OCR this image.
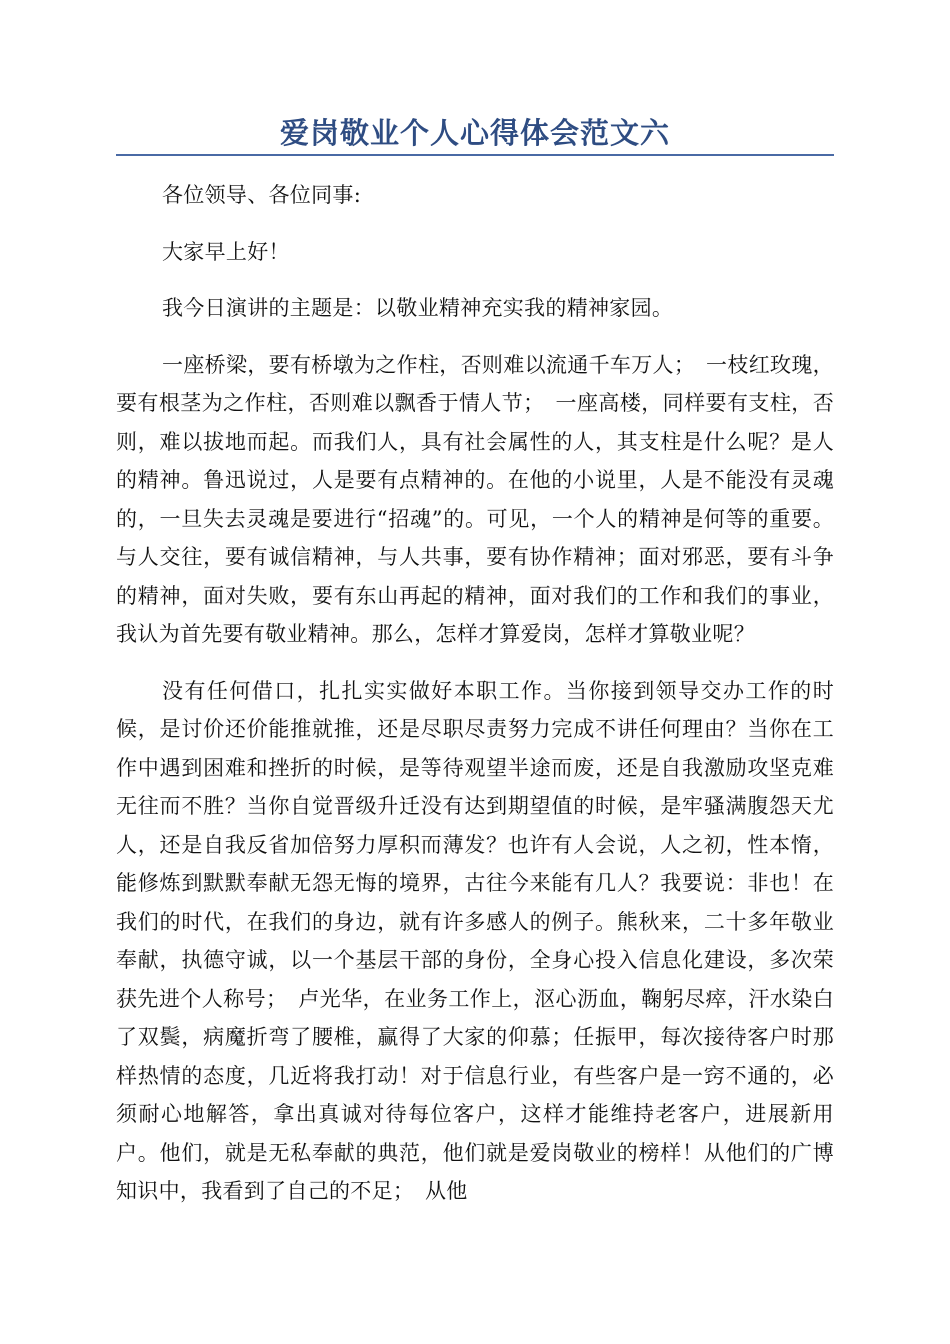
爱岗敬业个人心得体会范文六

各位领导、各位同事:

大家早上好！

我今日演讲的主题是：以敬业精神充实我的精神家园。

一座桥梁，要有桥墩为之作柱，否则难以流通千车万人；　一枝红玫瑰，要有根茎为之作柱，否则难以飘香于情人节；　一座高楼，同样要有支柱，否则，难以拔地而起。而我们人，具有社会属性的人，其支柱是什么呢？是人的精神。鲁迅说过，人是要有点精神的。在他的小说里，人是不能没有灵魂的，一旦失去灵魂是要进行“招魂”的。可见，一个人的精神是何等的重要。与人交往，要有诚信精神，与人共事，要有协作精神；面对邪恶，要有斗争的精神，面对失败，要有东山再起的精神，面对我们的工作和我们的事业，我认为首先要有敬业精神。那么，怎样才算爱岗，怎样才算敬业呢？

没有任何借口，扎扎实实做好本职工作。当你接到领导交办工作的时候，是讨价还价能推就推，还是尽职尽责努力完成不讲任何理由？当你在工作中遇到困难和挫折的时候，是等待观望半途而废，还是自我激励攻坚克难无往而不胜？当你自觉晋级升迁没有达到期望值的时候，是牢骚满腹怨天尤人，还是自我反省加倍努力厚积而薄发？也许有人会说，人之初，性本惰，能修炼到默默奉献无怨无悔的境界，古往今来能有几人？我要说：非也！在我们的时代，在我们的身边，就有许多感人的例子。熊秋来，二十多年敬业奉献，执德守诚，以一个基层干部的身份，全身心投入信息化建设，多次荣获先进个人称号；　卢光华，在业务工作上，沤心沥血，鞠躬尽瘁，汗水染白了双鬓，病魔折弯了腰椎，赢得了大家的仰慕；任振甲，每次接待客户时那样热情的态度，几近将我打动！对于信息行业，有些客户是一窍不通的，必须耐心地解答，拿出真诚对待每位客户，这样才能维持老客户，进展新用户。他们，就是无私奉献的典范，他们就是爱岗敬业的榜样！从他们的广博知识中，我看到了自己的不足；　从他
